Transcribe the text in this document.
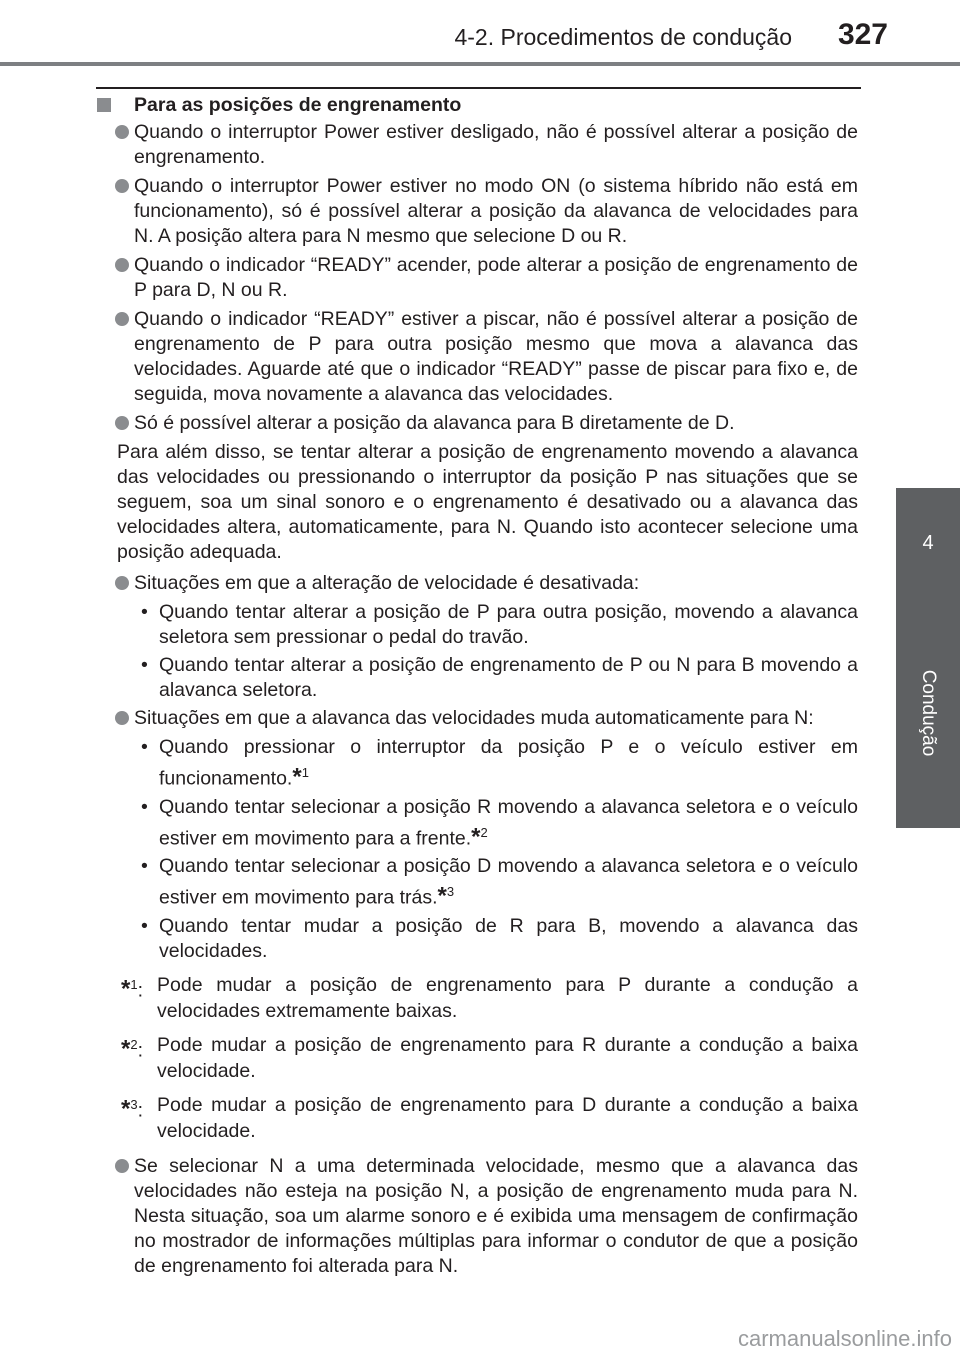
4-2. Procedimentos de condução 327
4
Condução
Para as posições de engrenamento
Quando o interruptor Power estiver desligado, não é possível alterar a posição de engrenamento.
Quando o interruptor Power estiver no modo ON (o sistema híbrido não está em funcionamento), só é possível alterar a posição da alavanca de velocidades para N. A posição altera para N mesmo que selecione D ou R.
Quando o indicador “READY” acender, pode alterar a posição de engrenamento de P para D, N ou R.
Quando o indicador “READY” estiver a piscar, não é possível alterar a posição de engrenamento de P para outra posição mesmo que mova a alavanca das velocidades. Aguarde até que o indicador “READY” passe de piscar para fixo e, de seguida, mova novamente a alavanca das velocidades.
Só é possível alterar a posição da alavanca para B diretamente de D.
Para além disso, se tentar alterar a posição de engrenamento movendo a alavanca das velocidades ou pressionando o interruptor da posição P nas situações que se seguem, soa um sinal sonoro e o engrenamento é desativado ou a alavanca das velocidades altera, automaticamente, para N. Quando isto acontecer selecione uma posição adequada.
Situações em que a alteração de velocidade é desativada:
• Quando tentar alterar a posição de P para outra posição, movendo a alavanca seletora sem pressionar o pedal do travão.
• Quando tentar alterar a posição de engrenamento de P ou N para B movendo a alavanca seletora.
Situações em que a alavanca das velocidades muda automaticamente para N:
• Quando pressionar o interruptor da posição P e o veículo estiver em funcionamento.*$^1$
• Quando tentar selecionar a posição R movendo a alavanca seletora e o veículo estiver em movimento para a frente.*$^2$
• Quando tentar selecionar a posição D movendo a alavanca seletora e o veículo estiver em movimento para trás.*$^3$
• Quando tentar mudar a posição de R para B, movendo a alavanca das velocidades.
*$^1$: Pode mudar a posição de engrenamento para P durante a condução a velocidades extremamente baixas.
*$^2$: Pode mudar a posição de engrenamento para R durante a condução a baixa velocidade.
*$^3$: Pode mudar a posição de engrenamento para D durante a condução a baixa velocidade.
Se selecionar N a uma determinada velocidade, mesmo que a alavanca das velocidades não esteja na posição N, a posição de engrenamento muda para N. Nesta situação, soa um alarme sonoro e é exibida uma mensagem de confirmação no mostrador de informações múltiplas para informar o condutor de que a posição de engrenamento foi alterada para N.
carmanualsonline.info
